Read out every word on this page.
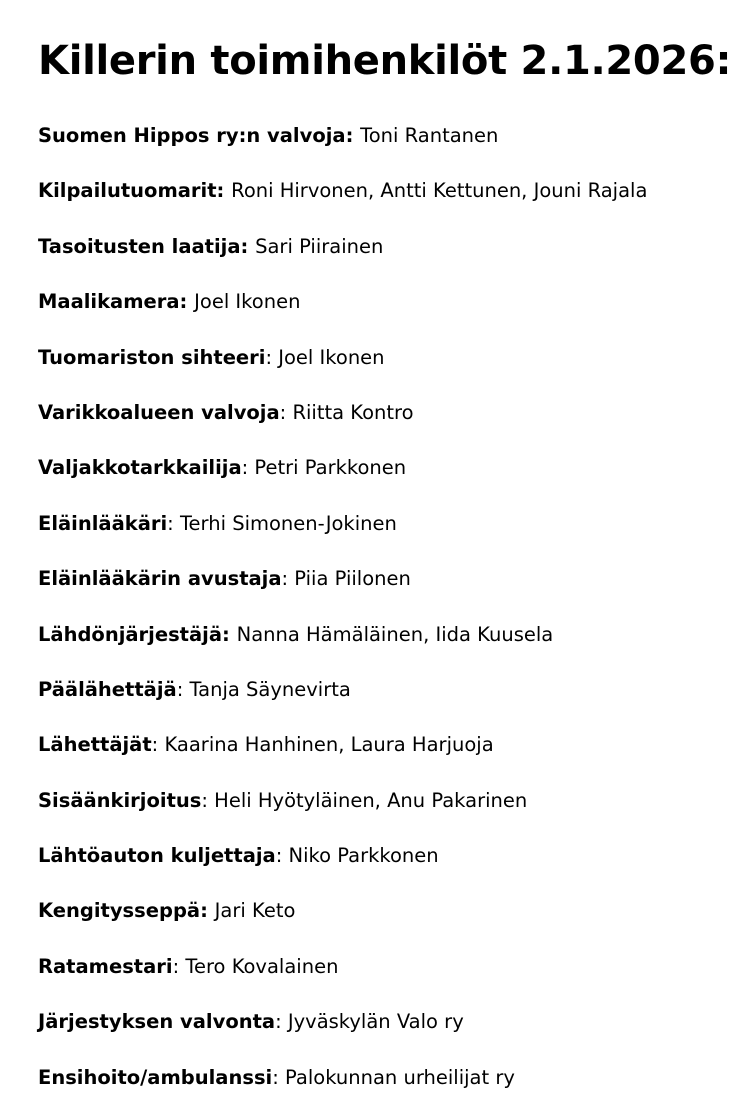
Killerin toimihenkilöt 2.1.2026:
Suomen Hippos ry:n valvoja: Toni Rantanen
Kilpailutuomarit: Roni Hirvonen, Antti Kettunen, Jouni Rajala
Tasoitusten laatija: Sari Piirainen
Maalikamera: Joel Ikonen
Tuomariston sihteeri: Joel Ikonen
Varikkoalueen valvoja: Riitta Kontro
Valjakkotarkkailija: Petri Parkkonen
Eläinlääkäri: Terhi Simonen-Jokinen
Eläinlääkärin avustaja: Piia Piilonen
Lähdönjärjestäjä: Nanna Hämäläinen, Iida Kuusela
Päälähettäjä: Tanja Säynevirta
Lähettäjät: Kaarina Hanhinen, Laura Harjuoja
Sisäänkirjoitus: Heli Hyötyläinen, Anu Pakarinen
Lähtöauton kuljettaja: Niko Parkkonen
Kengitysseppä: Jari Keto
Ratamestari: Tero Kovalainen
Järjestyksen valvonta: Jyväskylän Valo ry
Ensihoito/ambulanssi: Palokunnan urheilijat ry
